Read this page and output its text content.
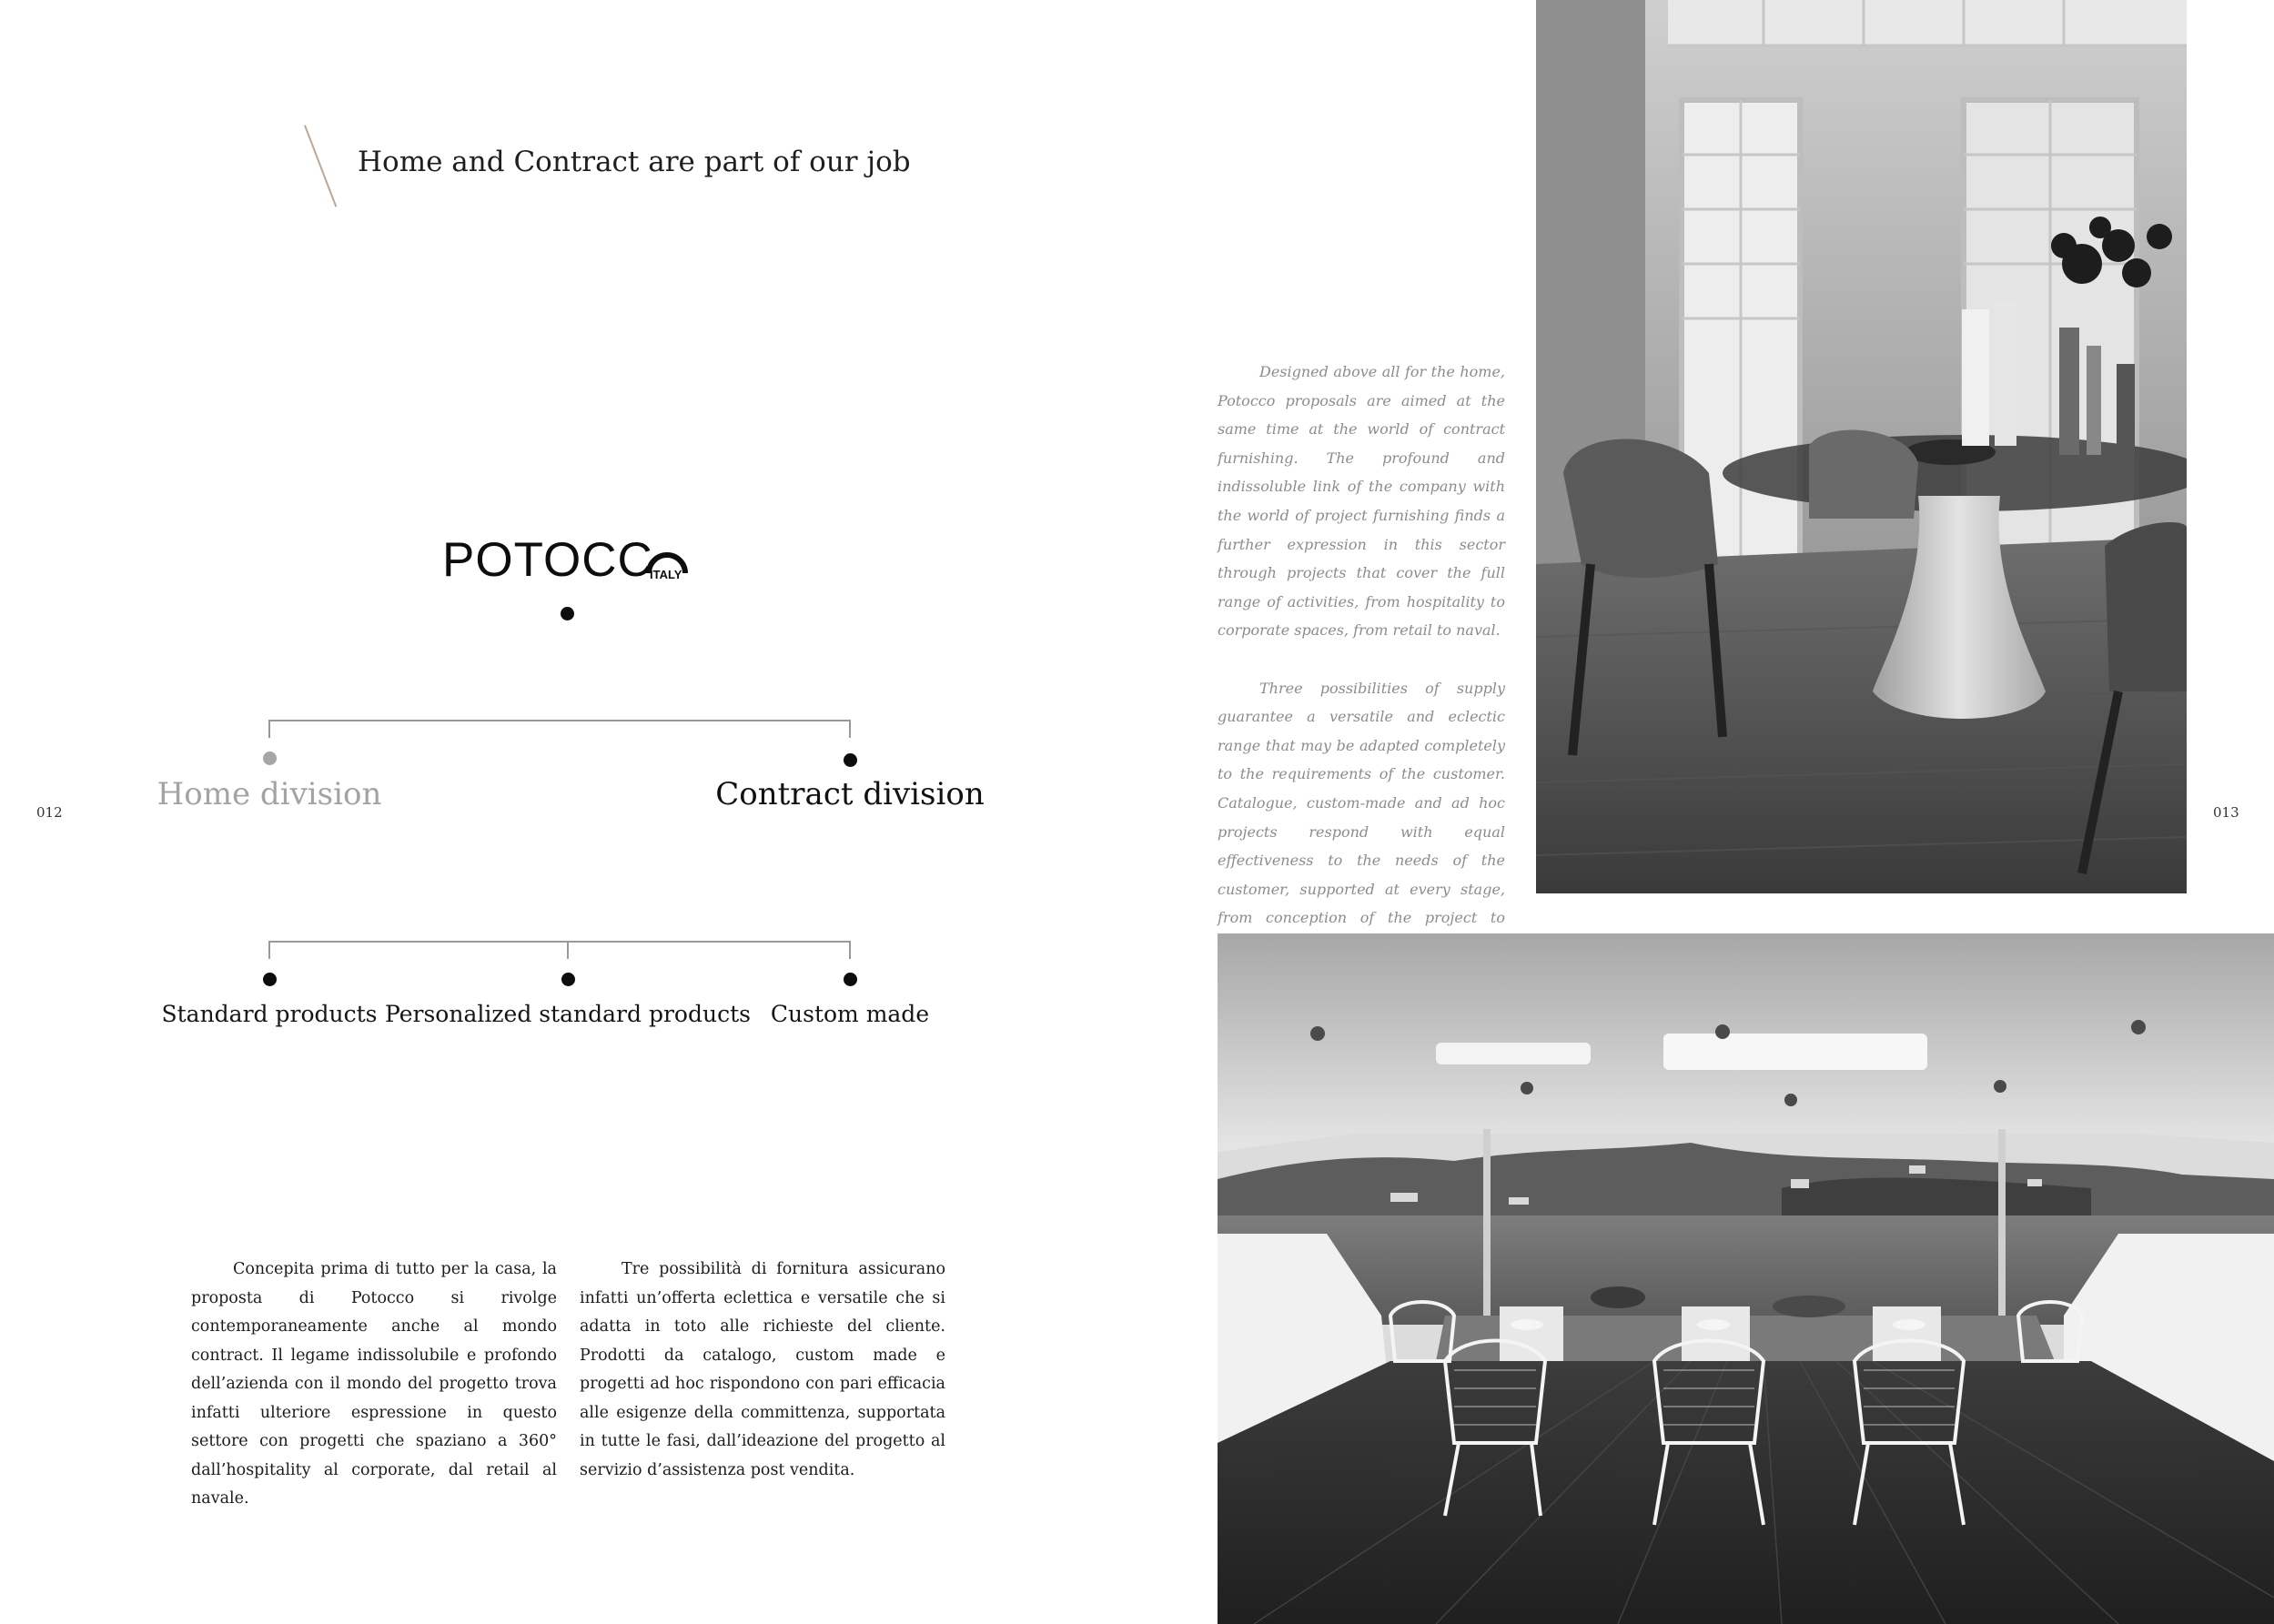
Home and Contract are part of our job
POTOCC
ITALY
Home division	Contract division
012	013
Standard products Personalized standard products Custom made

Concepita prima di tutto per la casa, la proposta di Potocco si rivolge contemporaneamente anche al mondo contract. Il legame indissolubile e profondo dell’azienda con il mondo del progetto trova infatti ulteriore espressione in questo settore con progetti che spaziano a 360° dall’hospitality al corporate, dal retail al navale.

Tre possibilità di fornitura assicurano infatti un’offerta eclettica e versatile che si adatta in toto alle richieste del cliente. Prodotti da catalogo, custom made e progetti ad hoc rispondono con pari efficacia alle esigenze della committenza, supportata in tutte le fasi, dall’ideazione del progetto al servizio d’assistenza post vendita.

Designed above all for the home, Potocco proposals are aimed at the same time at the world of contract furnishing. The profound and indissoluble link of the company with the world of project furnishing finds a further expression in this sector through projects that cover the full range of activities, from hospitality to corporate spaces, from retail to naval.

Three possibilities of supply guarantee a versatile and eclectic range that may be adapted completely to the requirements of the customer. Catalogue, custom-made and ad hoc projects respond with equal effectiveness to the needs of the customer, supported at every stage, from conception of the project to
